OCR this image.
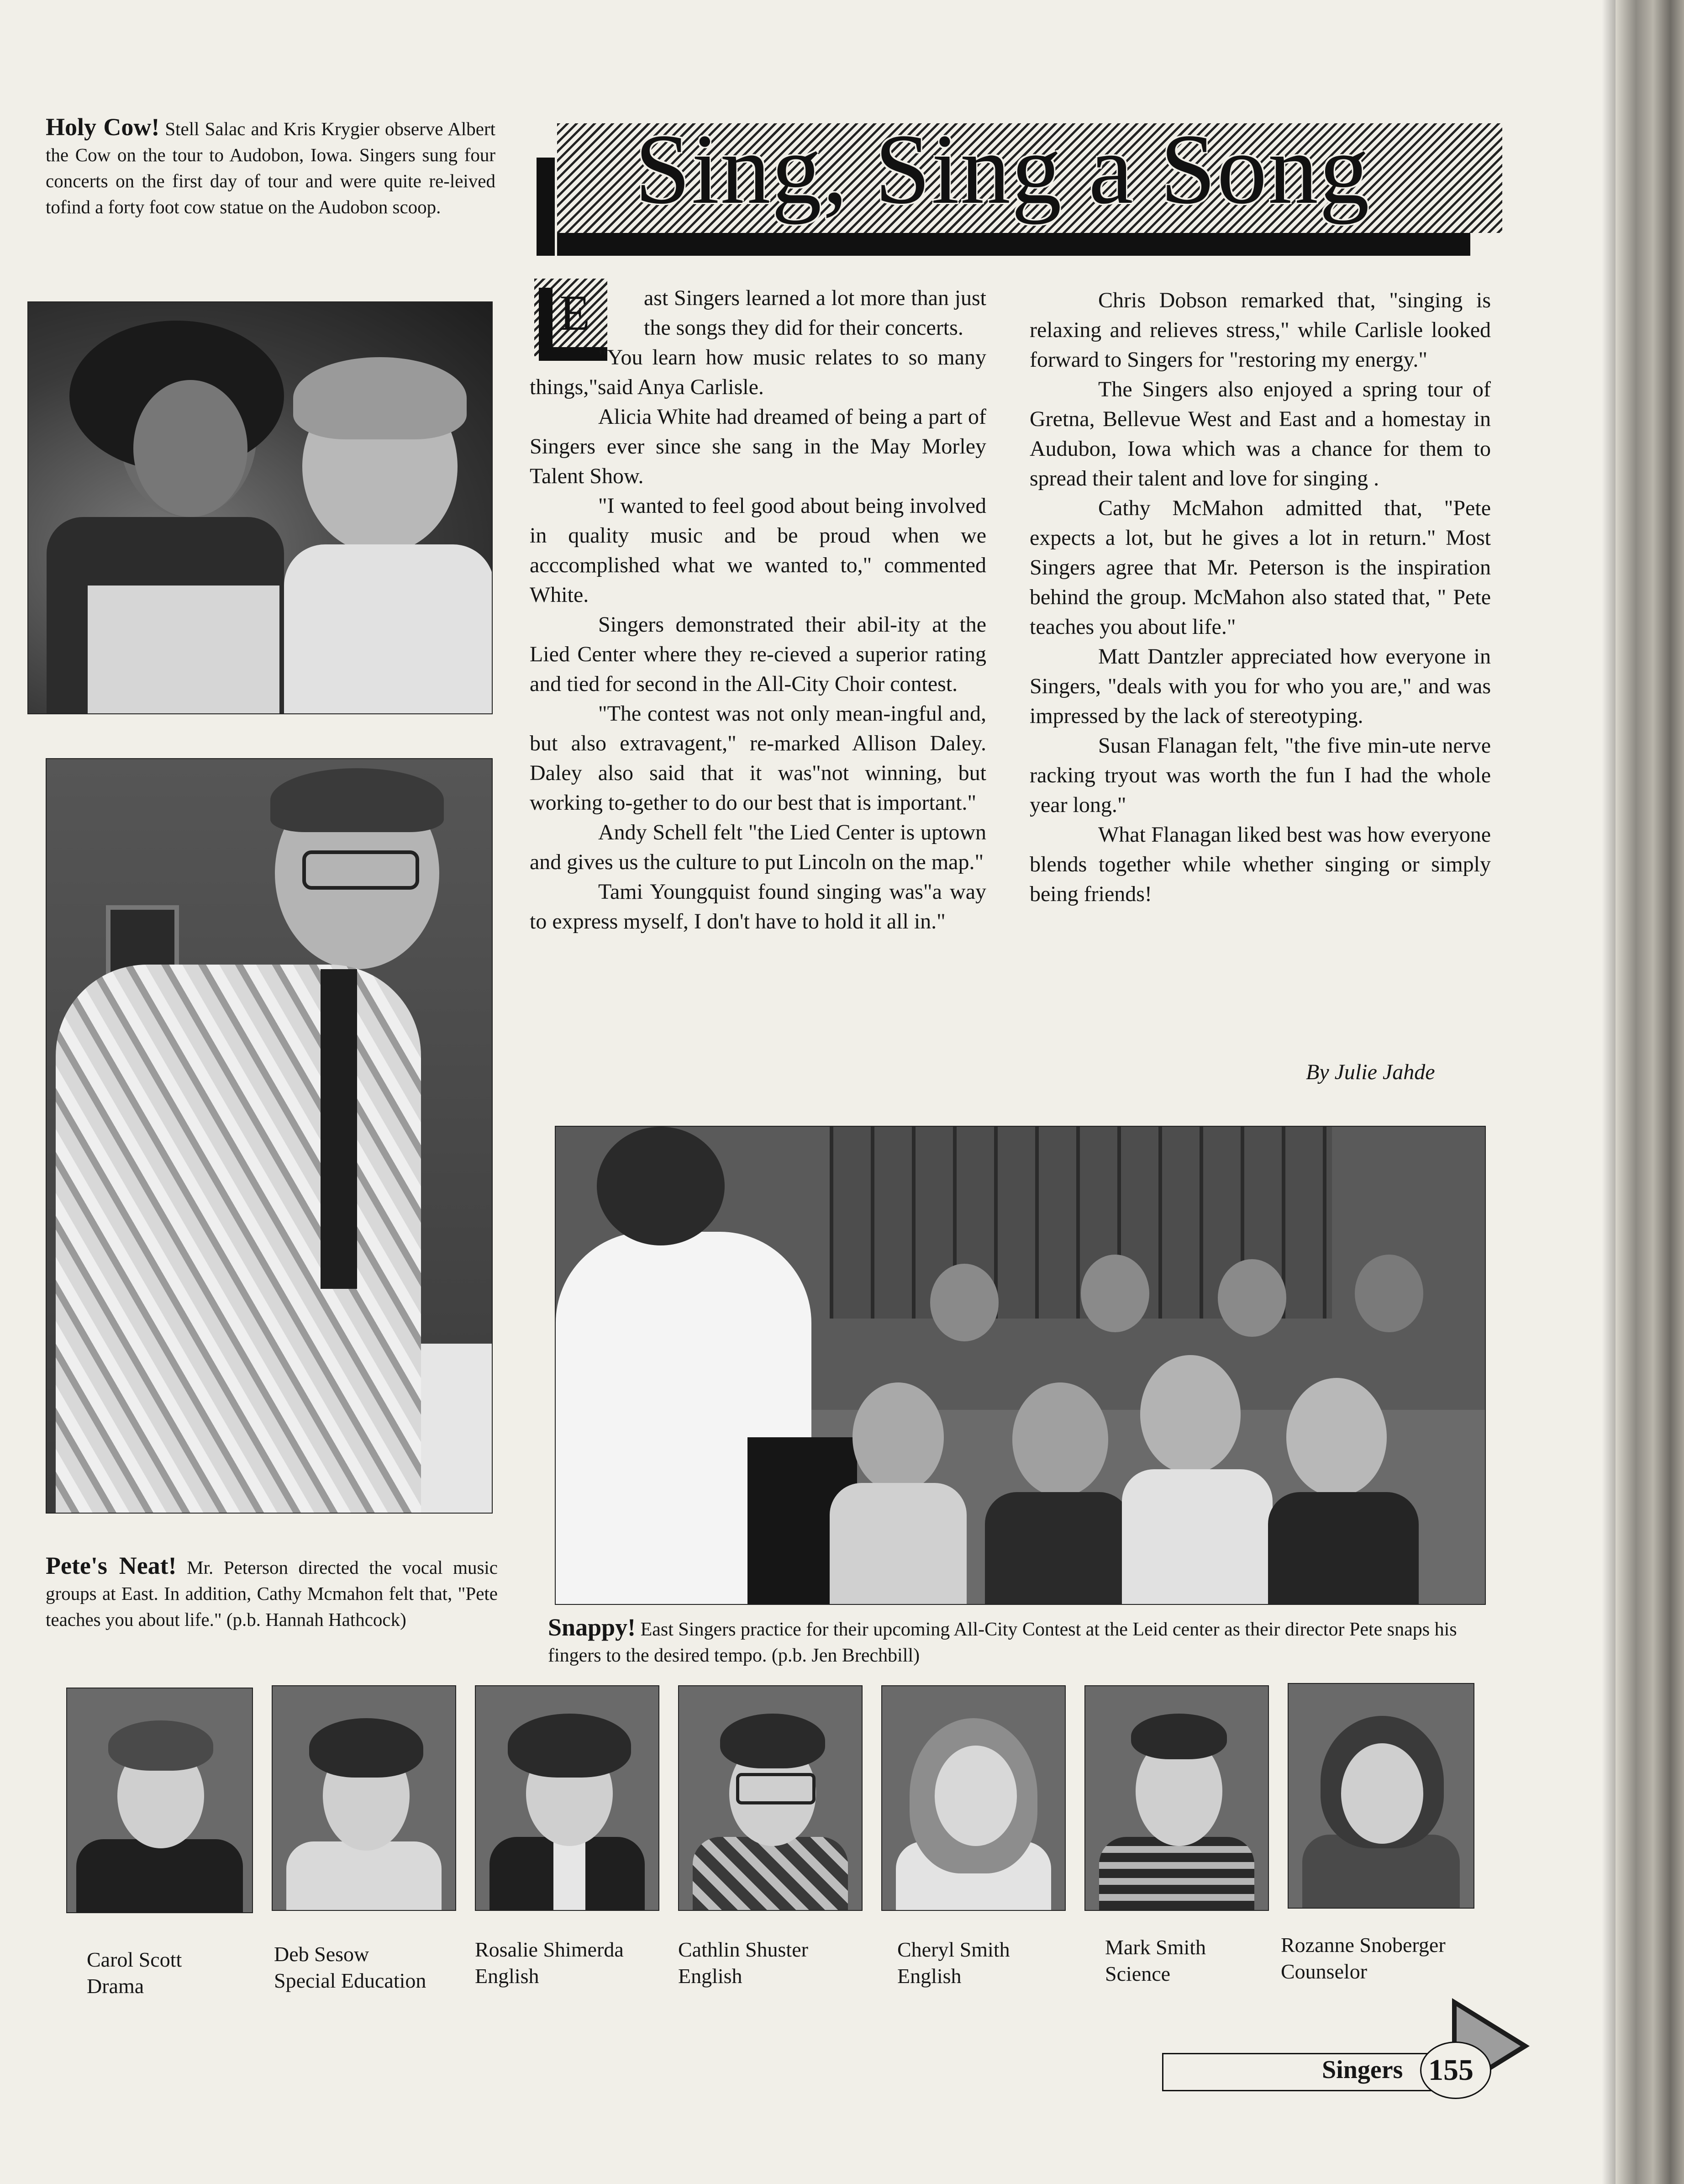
Holy Cow! Stell Salac and Kris Krygier observe Albert the Cow on the tour to Audobon, Iowa. Singers sung four concerts on the first day of tour and were quite re-leived tofind a forty foot cow statue on the Audobon scoop.
Pete's Neat! Mr. Peterson directed the vocal music groups at East. In addition, Cathy Mcmahon felt that, "Pete teaches you about life." (p.b. Hannah Hathcock)
Sing, Sing a Song
E	ast Singers learned a lot more than just the songs they did for their concerts.

"You learn how music relates to so many things,"said Anya Carlisle.

Alicia White had dreamed of being a part of Singers ever since she sang in the May Morley Talent Show.

"I wanted to feel good about being involved in quality music and be proud when we acccomplished what we wanted to," commented White.

Singers demonstrated their abil-ity at the Lied Center where they re-cieved a superior rating and tied for second in the All-City Choir contest.

"The contest was not only mean-ingful and, but also extravagent," re-marked Allison Daley. Daley also said that it was"not winning, but working to-gether to do our best that is important."

Andy Schell felt "the Lied Center is uptown and gives us the culture to put Lincoln on the map."

Tami Youngquist found singing was"a way to express myself, I don't have to hold it all in."

Chris Dobson remarked that, "singing is relaxing and relieves stress," while Carlisle looked forward to Singers for "restoring my energy."

The Singers also enjoyed a spring tour of Gretna, Bellevue West and East and a homestay in Audubon, Iowa which was a chance for them to spread their talent and love for singing .

Cathy McMahon admitted that, "Pete expects a lot, but he gives a lot in return." Most Singers agree that Mr. Peterson is the inspiration behind the group. McMahon also stated that, " Pete teaches you about life."

Matt Dantzler appreciated how everyone in Singers, "deals with you for who you are," and was impressed by the lack of stereotyping.

Susan Flanagan felt, "the five min-ute nerve racking tryout was worth the fun I had the whole year long."

What Flanagan liked best was how everyone blends together while whether singing or simply being friends!

By Julie Jahde
Snappy! East Singers practice for their upcoming All-City Contest at the Leid center as their director Pete snaps his fingers to the desired tempo. (p.b. Jen Brechbill)
Carol Scott
Drama
Deb Sesow
Special Education
Rosalie Shimerda
English
Cathlin Shuster
English
Cheryl Smith
English
Mark Smith
Science
Rozanne Snoberger
Counselor
Singers 155
